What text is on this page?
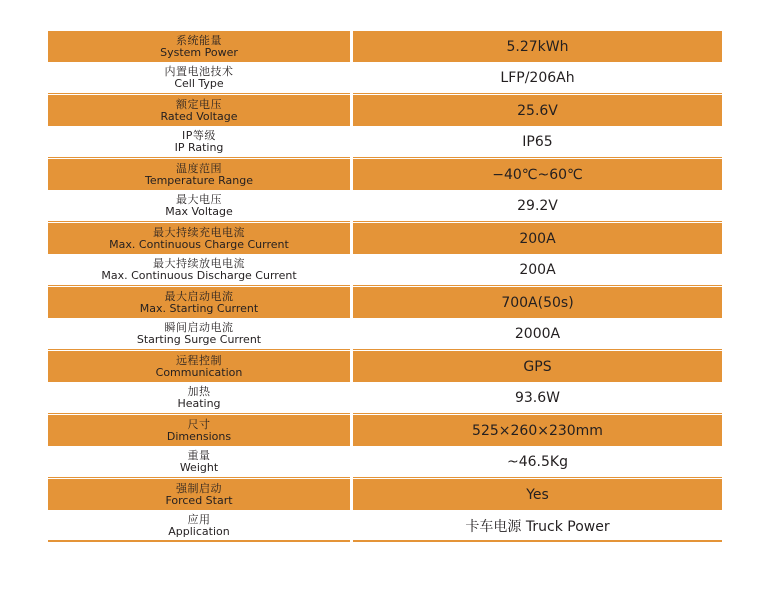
系统能量
System Power	5.27kWh
内置电池技术
Cell Type	LFP/206Ah
额定电压
Rated Voltage	25.6V
IP等级
IP Rating	IP65
温度范围
Temperature Range	−40℃~60℃
最大电压
Max Voltage	29.2V
最大持续充电电流
Max. Continuous Charge Current	200A
最大持续放电电流
Max. Continuous Discharge Current	200A
最大启动电流
Max. Starting Current	700A(50s)
瞬间启动电流
Starting Surge Current	2000A
远程控制
Communication	GPS
加热
Heating	93.6W
尺寸
Dimensions	525×260×230mm
重量
Weight	~46.5Kg
强制启动
Forced Start	Yes
应用
Application	卡车电源 Truck Power
